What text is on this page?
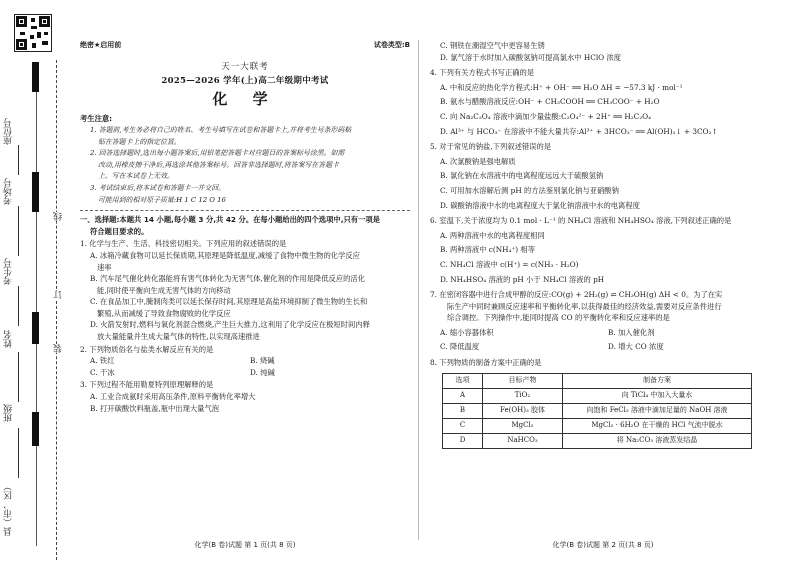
座位号
考场号
考生号
姓名
班级
县（市、区）
线
订
装
绝密★启用前	试卷类型:B
天一大联考
2025—2026 学年(上)高二年级期中考试
化 学
考生注意:
1. 答题前,考生务必将自己的姓名、考生号填写在试卷和答题卡上,并将考生号条形码粘
贴在答题卡上的指定位置。
2. 回答选择题时,选出每小题答案后,用铅笔把答题卡对应题目的答案标号涂黑。如需
改动,用橡皮擦干净后,再选涂其他答案标号。回答非选择题时,将答案写在答题卡
上。写在本试卷上无效。
3. 考试结束后,将本试卷和答题卡一并交回。
可能用到的相对原子质量:H 1 C 12 O 16
一、选择题:本题共 14 小题,每小题 3 分,共 42 分。在每小题给出的四个选项中,只有一项是
符合题目要求的。
1. 化学与生产、生活、科技密切相关。下列应用的叙述错误的是
A. 冰箱冷藏食物可以延长保质期,其原理是降低温度,减缓了食物中微生物的化学反应
速率
B. 汽车尾气催化转化器能将有害气体转化为无害气体,催化剂的作用是降低反应的活化
能,同时使平衡向生成无害气体的方向移动
C. 在食品加工中,腌制肉类可以延长保存时间,其原理是高盐环境抑制了微生物的生长和
繁殖,从而减缓了导致食物腐败的化学反应
D. 火箭发射时,燃料与氧化剂混合燃烧,产生巨大推力,这利用了化学反应在极短时间内释
放大量能量并生成大量气体的特性,以实现高速推进
2. 下列物质俗名与盐类水解反应有关的是
A. 铁红	B. 烧碱
C. 干冰	D. 纯碱
3. 下列过程不能用勒夏特列原理解释的是
A. 工业合成氨时采用高压条件,原料平衡转化率增大
B. 打开碳酸饮料瓶盖,瓶中出现大量气泡
化学(B 卷)试题 第 1 页(共 8 页)
C. 钢铁在潮湿空气中更容易生锈
D. 氯气溶于水时加入碳酸氢钠可提高氯水中 HClO 浓度
4. 下列有关方程式书写正确的是
A. 中和反应的热化学方程式:H⁺ + OH⁻ ══ H₂O ΔH = −57.3 kJ · mol⁻¹
B. 氨水与醋酸溶液反应:OH⁻ + CH₃COOH ══ CH₃COO⁻ + H₂O
C. 向 Na₂C₂O₄ 溶液中滴加少量盐酸:C₂O₄²⁻ + 2H⁺ ══ H₂C₂O₄
D. Al³⁺ 与 HCO₃⁻ 在溶液中不能大量共存:Al³⁺ + 3HCO₃⁻ ══ Al(OH)₃↓ + 3CO₂↑
5. 对于常见的钠盐,下列叙述错误的是
A. 次氯酸钠是强电解质
B. 氯化钠在水溶液中的电离程度远远大于硫酸氢钠
C. 可用加水溶解后测 pH 的方法鉴别氯化钠与亚硝酸钠
D. 碳酸钠溶液中水的电离程度大于氯化钠溶液中水的电离程度
6. 室温下,关于浓度均为 0.1 mol · L⁻¹ 的 NH₄Cl 溶液和 NH₄HSO₄ 溶液,下列叙述正确的是
A. 两种溶液中水的电离程度相同
B. 两种溶液中 c(NH₄⁺) 相等
C. NH₄Cl 溶液中 c(H⁺) = c(NH₃ · H₂O)
D. NH₄HSO₄ 溶液的 pH 小于 NH₄Cl 溶液的 pH
7. 在密闭容器中进行合成甲醇的反应:CO(g) + 2H₂(g) ⇌ CH₃OH(g) ΔH < 0。为了在实
际生产中同时兼顾反应速率和平衡转化率,以获得最佳的经济效益,需要对反应条件进行
综合调控。下列操作中,能同时提高 CO 的平衡转化率和反应速率的是
A. 缩小容器体积	B. 加入催化剂
C. 降低温度	D. 增大 CO 浓度
8. 下列物质的制备方案中正确的是
选项	目标产物	制备方案
A	TiO₂	向 TiCl₄ 中加入大量水
B	Fe(OH)₃ 胶体	向饱和 FeCl₃ 溶液中滴加足量的 NaOH 溶液
C	MgCl₂	MgCl₂ · 6H₂O 在干燥的 HCl 气流中脱水
D	NaHCO₃	将 Na₂CO₃ 溶液蒸发结晶
化学(B 卷)试题 第 2 页(共 8 页)
